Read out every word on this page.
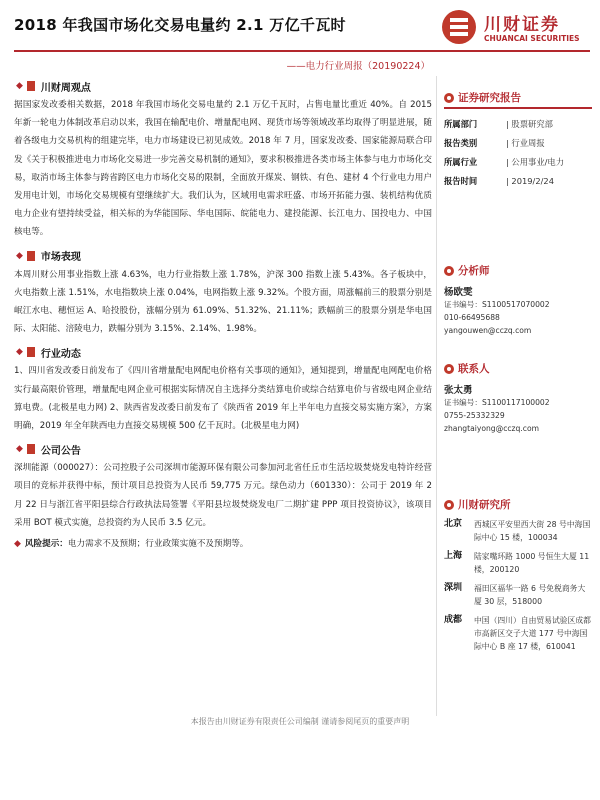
2018 年我国市场化交易电量约 2.1 万亿千瓦时	川财证券
CHUANCAI SECURITIES
——电力行业周报（20190224）
◆ 川财周观点

据国家发改委相关数据，2018 年我国市场化交易电量约 2.1 万亿千瓦时，占售电量比重近 40%。自 2015 年新一轮电力体制改革启动以来，我国在输配电价、增量配电网、现货市场等领域改革均取得了明显进展，随着各级电力交易机构的组建完毕，电力市场建设已初见成效。2018 年 7 月，国家发改委、国家能源局联合印发《关于积极推进电力市场化交易进一步完善交易机制的通知》，要求积极推进各类市场主体参与电力市场化交易，取消市场主体参与跨省跨区电力市场化交易的限制，全面放开煤炭、钢铁、有色、建材 4 个行业电力用户发用电计划，市场化交易规模有望继续扩大。我们认为，区域用电需求旺盛、市场开拓能力强、装机结构优质电力企业有望持续受益，相关标的为华能国际、华电国际、皖能电力、建投能源、长江电力、国投电力、中国核电等。

◆ 市场表现

本周川财公用事业指数上涨 4.63%，电力行业指数上涨 1.78%，沪深 300 指数上涨 5.43%。各子板块中，火电指数上涨 1.51%，水电指数块上涨 0.04%，电网指数上涨 9.32%。个股方面，周涨幅前三的股票分别是岷江水电、穗恒运 A、哈投股份，涨幅分别为 61.09%、51.32%、21.11%；跌幅前三的股票分别是华电国际、太阳能、涪陵电力，跌幅分别为 3.15%、2.14%、1.98%。

◆ 行业动态

1、四川省发改委日前发布了《四川省增量配电网配电价格有关事项的通知》，通知提到，增量配电网配电价格实行最高限价管理，增量配电网企业可根据实际情况自主选择分类结算电价或综合结算电价与省级电网企业结算电费。(北极星电力网) 2、陕西省发改委日前发布了《陕西省 2019 年上半年电力直接交易实施方案》，方案明确，2019 年全年陕西电力直接交易规模 500 亿千瓦时。(北极星电力网)

◆ 公司公告

深圳能源（000027）：公司控股子公司深圳市能源环保有限公司参加河北省任丘市生活垃圾焚烧发电特许经营项目的竞标并获得中标，预计项目总投资为人民币 59,775 万元。绿色动力（601330）：公司于 2019 年 2 月 22 日与浙江省平阳县综合行政执法局签署《平阳县垃圾焚烧发电厂二期扩建 PPP 项目投资协议》，该项目采用 BOT 模式实施，总投资约为人民币 3.5 亿元。

◆ 风险提示：电力需求不及预期；行业政策实施不及预期等。
证券研究报告
所属部门	| 股票研究部
报告类别	| 行业周报
所属行业	| 公用事业/电力
报告时间	| 2019/2/24
分析师
杨欧雯
证书编号：S1100517070002
010-66495688
yangouwen@cczq.com
联系人
张太勇
证书编号：S1100117100002
0755-25332329
zhangtaiyong@cczq.com
川财研究所
北京	西城区平安里西大街 28 号中海国际中心 15 楼，100034
上海	陆家嘴环路 1000 号恒生大厦 11 楼，200120
深圳	福田区福华一路 6 号免税商务大厦 30 层，518000
成都	中国（四川）自由贸易试验区成都市高新区交子大道 177 号中海国际中心 B 座 17 楼，610041
本报告由川财证券有限责任公司编制 谨请参阅尾页的重要声明
